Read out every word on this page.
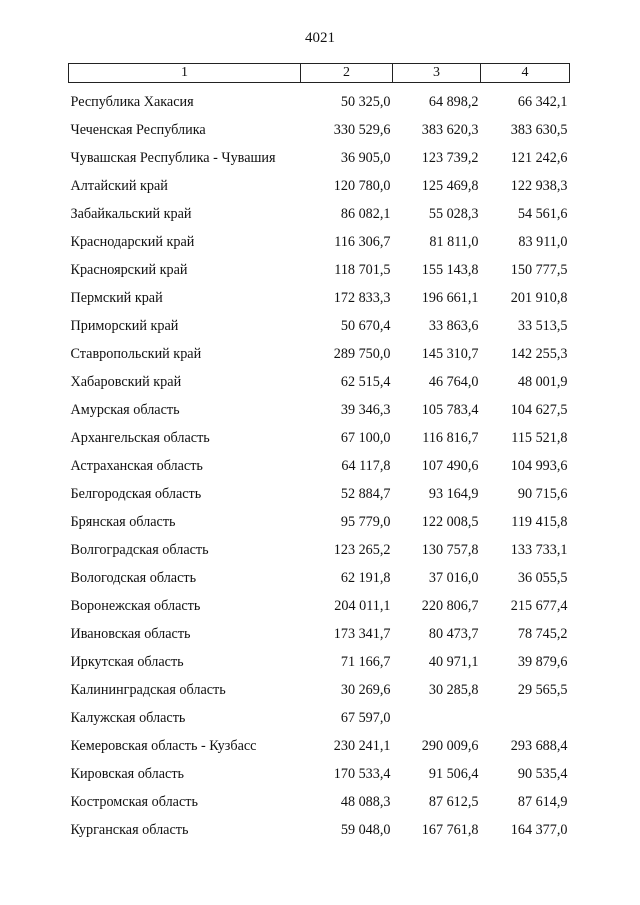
4021
1	2	3	4
Республика Хакасия	50 325,0	64 898,2	66 342,1
Чеченская Республика	330 529,6	383 620,3	383 630,5
Чувашская Республика - Чувашия	36 905,0	123 739,2	121 242,6
Алтайский край	120 780,0	125 469,8	122 938,3
Забайкальский край	86 082,1	55 028,3	54 561,6
Краснодарский край	116 306,7	81 811,0	83 911,0
Красноярский край	118 701,5	155 143,8	150 777,5
Пермский край	172 833,3	196 661,1	201 910,8
Приморский край	50 670,4	33 863,6	33 513,5
Ставропольский край	289 750,0	145 310,7	142 255,3
Хабаровский край	62 515,4	46 764,0	48 001,9
Амурская область	39 346,3	105 783,4	104 627,5
Архангельская область	67 100,0	116 816,7	115 521,8
Астраханская область	64 117,8	107 490,6	104 993,6
Белгородская область	52 884,7	93 164,9	90 715,6
Брянская область	95 779,0	122 008,5	119 415,8
Волгоградская область	123 265,2	130 757,8	133 733,1
Вологодская область	62 191,8	37 016,0	36 055,5
Воронежская область	204 011,1	220 806,7	215 677,4
Ивановская область	173 341,7	80 473,7	78 745,2
Иркутская область	71 166,7	40 971,1	39 879,6
Калининградская область	30 269,6	30 285,8	29 565,5
Калужская область	67 597,0		
Кемеровская область - Кузбасс	230 241,1	290 009,6	293 688,4
Кировская область	170 533,4	91 506,4	90 535,4
Костромская область	48 088,3	87 612,5	87 614,9
Курганская область	59 048,0	167 761,8	164 377,0
